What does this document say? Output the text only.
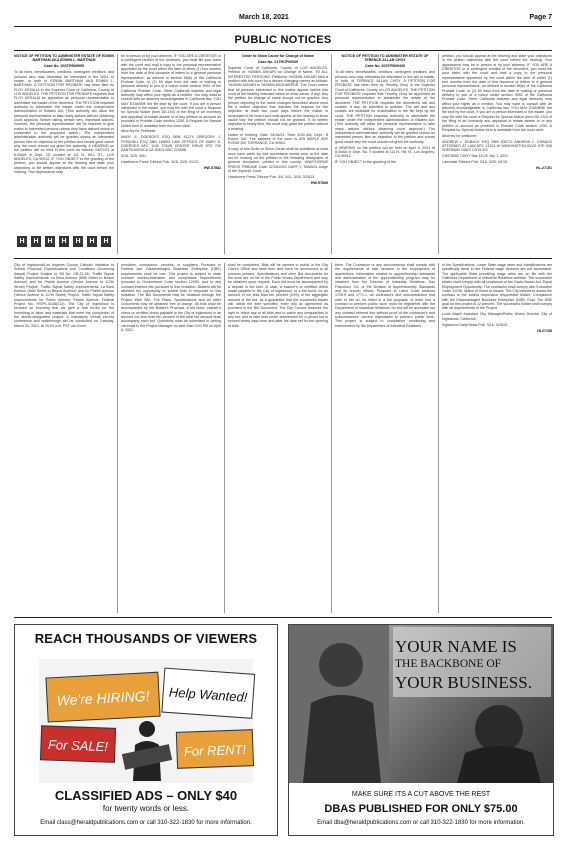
March 18, 2021	Page 7
PUBLIC NOTICES

NOTICE OF PETITION TO ADMINISTER ESTATE OF EDWIN BARTHAM AKA EDWIN L. BARTHAM

Case No. 20STPB09955

To all heirs, beneficiaries, creditors, contingent creditors, and persons who may otherwise be interested in the WILL or estate, or both of EDWIN BARTHAM AKA EDWIN L. BARTHAM. A PETITION FOR PROBATE has been filed by FLOY KESALIA in the Superior Court of California, County of LOS ANGELES. THE PETITION FOR PROBATE requests that FLOY KESALIA be appointed as personal representative to administer the estate of the decedent. The PETITION requests authority to administer the estate under the Independent Administration of Estates Act. (This authority will allow the personal representative to take many actions without obtaining court approval. Before taking certain very important actions, however, the personal representative will be required to give notice to interested persons unless they have waived notice or consented to the proposed action.) The independent administration authority will be granted unless an interested person files an objection to the petition and shows good cause why the court should not grant the authority. A HEARING on the petition will be held in this court as follows: 04/07/21 at 8:30AM in Dept. 2D located at 111 N. HILL ST., LOS ANGELES, CA 90012. IF YOU OBJECT to the granting of the petition, you should appear at the hearing and state your objections or file written objections with the court before the hearing. Your appearance may

be in person or by your attorney. IF YOU ARE A CREDITOR or a contingent creditor of the decedent, you must file your claim with the court and mail a copy to the personal representative appointed by the court within the later of either (1) four months from the date of first issuance of letters to a general personal representative, as defined in section 58(b) of the California Probate Code, or (2) 60 days from the date of mailing or personal delivery to you of a notice under section 9052 of the California Probate Code. Other California statutes and legal authority may affect your rights as a creditor. You may want to consult with an attorney knowledgeable in California law. YOU MAY EXAMINE the file kept by the court. If you are a person interested in the estate, you may file with the court a Request for Special Notice (form DE-154) of the filing of an inventory and appraisal of estate assets or of any petition or account as provided in Probate Code section 1250. A Request for Special Notice form is available from the court clerk.

Attorney for Petitioner

MARY E. DOERGES ESQ SBN 51274 GREGORY J. FRISKNEL ESQ SBN 169691 LAW OFFICES OF MARY E. DOERGES APC 1100 TOWN CENTER DRIVE STE 700 SANTA MONICA CA 90401 BSC 219086

3/18, 3/25, 4/01

Hawthorne Press Tribune Pub. 3/18, 3/25, 4/1/21

HW-57882

Order to Show Cause for Change of Name

Case No. 21TRCP00069

Superior Court of California, County of LOS ANGELES. Petition of: YASMIN ASKARI for Change of Name. TO ALL INTERESTED PERSONS: Petitioner YASMIN ASKARI filed a petition with this court for a decree changing names as follows: YASMIN ASKARI to YASMIN ASGHARPUR. The Court orders that all persons interested in this matter appear before this court at the hearing indicated below to show cause, if any, why the petition for change of name should not be granted. Any person objecting to the name changes described above must file a written objection that includes the reasons for the objection at least two court days before the matter is scheduled to be heard and must appear at the hearing to show cause why the petition should not be granted. If no written objection is timely filed, the court may grant the petition without a hearing.

Notice of Hearing: Date: 04/16/21, Time: 8:30 AM, Dept.: B Room: 340. The address of the court is 825 MAPLE AVE ROOM 100 TORRANCE, CA 90503.

A copy of this Order to Show Cause shall be published at least once each week for four successive weeks prior to the date set for hearing on the petition in the following newspaper of general circulation, printed in this county: HAWTHORNE PRESS TRIBUNE. Date: 02/26/2021 GARY Y. TANAKA Judge of the Superior Court

Hawthorne Press Tribune Pub. 3/4, 3/11, 3/18, 3/25/21

HW-57849

NOTICE OF PETITION TO ADMINISTER ESTATE OF TERENCE ALLAN CHOY

Case No. 20STPB09439

To all heirs, beneficiaries, creditors, contingent creditors, and persons who may otherwise be interested in the will or estate, or both, of TERENCE ALLAN CHOY. A PETITION FOR PROBATE has been filed by Timothy Choy in the Superior Court of California, County of LOS ANGELES. THE PETITION FOR PROBATE requests that Timothy Choy be appointed as personal representative to administer the estate of the decedent. THE PETITION requests the decedent's will and codicils, if any, be admitted to probate. The will and any codicils are available for examination in the file kept by the court. THE PETITION requests authority to administer the estate under the Independent Administration of Estates Act. (This authority will allow the personal representative to take many actions without obtaining court approval.) The independent administration authority will be granted unless an interested person files an objection to the petition and shows good cause why the court should not grant the authority.

A HEARING on the petition will be held on April 8, 2021 at 8:30AM in Dept. No. 9 located at 111 N. Hill St., Los Angeles, CA 90012.

IF YOU OBJECT to the granting of the

petition, you should appear at the hearing and state your objections or file written objections with the court before the hearing. Your appearance may be in person or by your attorney. IF YOU ARE A CREDITOR or a contingent creditor of the decedent, you must file your claim with the court and mail a copy to the personal representative appointed by the court within the later of either (1) four months from the date of first issuance of letters to a general personal representative, as defined in section 58(b) of the California Probate Code, or (2) 60 days from the date of mailing or personal delivery to you of a notice under section 9052 of the California Probate Code. Other California statutes and legal authority may affect your rights as a creditor. You may want to consult with an attorney knowledgeable in California law. YOU MAY EXAMINE the file kept by the court. If you are a person interested in the estate, you may file with the court a Request for Special Notice (form DE-154) of the filing of an inventory and appraisal of estate assets or of any petition or account as provided in Probate Code section 1250. A Request for Special Notice form is available from the court clerk.

Attorney for petitioner:

ANDREW L. EDBACK ESQ SBN 308722 ANDREW L. EDBACK ATTORNEY AT LAW APC 13101 W WASHINGTON BLVD STE 636 SHERMAN OAKS CA 91423

CN975062 CHOY Mar 18,25, Apr 1, 2021

Lawndale Tribune Pub. 3/18, 3/25, 4/1/21

HL-27151

H	H	H	H	H	H	H

City of Inglewood/Los Angeles County Catholic Invitation to Submit Proposal (Specifications and Conditions Governing Award) Project Subject to SB No. CB-21-05: 'Traffic Signal Safety Improvements: La Brea Avenue (84th Street to Beach Avenue) and for Prairie Avenue (Venice Avenue to 117th Street) Project'. Traffic Signal Safety Improvements: La Brea Avenue (84th Street to Beach Avenue) and for Prairie Avenue (Venice Avenue to 117th Street) Project. Traffic Signal Safety Improvements for Public Avenue. Prairie Avenue: Federal Project No. HSIPL-5148(012). The City of Inglewood is focused on ensuring that we give a real forum for the furnishing of labor and materials that meet the completion of the above-designated project. A mandatory Virtual pre-bid conference and walkthrough will be conducted on Tuesday, March 30, 2021, at 10:00 a.m. PST via Zoom.

providers, contractors, vendors, or suppliers. Pursuant to Federal law, Disadvantaged Business Enterprise (DBE) requirements shall be met. This project is subject to state contract nondiscrimination and compliance requirements pursuant to Government Code section 12990, and in any contract entered into pursuant to this Invitation. Bidders will be afforded full opportunity to submit bids in response to this invitation. The Bid Documents may be obtained through the Project Web Site. The Plans, Specifications and all other Documents may be obtained free of charge. All bids shall be accompanied by the Bidder's Proposal. A bid bond, cashier's check or certified check payable to the City of Inglewood in an amount not less than ten percent of the total bid amount shall accompany each bid. Questions must be submitted in writing via email to the Project Manager no later than 3:00 PM on April 6, 2021.

shall be completed. Bids will be opened in public in the City Clerk's Office and shall then and there be announced to all persons present. Specifications and other Bid documents for the work are on file in the Public Works Department and may be obtained upon request. Each bid must be accompanied by a deposit in the form of cash, a cashier's or certified check made payable to the City of Inglewood, or a bid bond, for an amount of not less than ten percent (10%) of the aggregate amount of the bid, as a guarantee that the successful bidder will, within the time specified, enter into an agreement as provided in the Bid Document. The City Council reserves the right to reject any or all bids and to waive any irregularities in any bid, and to take bids under advisement for a period not to exceed ninety days from and after the date set for the opening of bids.

them. The Contractor or any subcontractor shall comply with the requirements of said sections in the employment of apprentices. Information relative to apprenticeship standards and administration of the apprenticeship program may be obtained from the Director of Industrial Relations, San Francisco, CA, or the Division of Apprenticeship Standards and its branch offices. Pursuant to Labor Code sections 1725.5 and 1771.1, all contractors and subcontractors that wish to bid on, be listed in a bid proposal, or enter into a contract to perform public work must be registered with the Department of Industrial Relations. No bid will be accepted nor any contract entered into without proof of the contractor's and subcontractors' current registration to perform public work. This project is subject to compliance monitoring and enforcement by the Department of Industrial Relations.

in the Specifications. Lower State wage rates and classifications are specifically listed in the Federal wage decision are not acceptable. The applicable State prevailing wage rates are on file with the California Department of Industrial Relations website. The successful bidder shall comply with all provisions of the Davis-Bacon Act. Equal Employment Opportunity: The contractor shall comply with Executive Order 11246. Notice of Intent to Award: The City intends to award the contract to the lowest responsive responsible bidder. Compliance with the Disadvantaged Business Enterprise (DBE) Goal: The DBE goal for this project is 12 percent. The successful bidder shall comply with all requirements of the Project.

Louis Atwell Assistant City Manager/Public Works Director City of Inglewood, California

Inglewood Daily News Pub. 3/18, 3/25/21

HI-27155

REACH THOUSANDS OF VIEWERS
We're HIRING!
For SALE!
Help Wanted!
For RENT!
CLASSIFIED ADS – ONLY $40
for twenty words or less.
Email class@heraldpublications.com or call 310-322-1830 for more information.
YOUR NAME IS
THE BACKBONE OF
YOUR BUSINESS.
MAKE SURE ITS A CUT ABOVE THE REST
DBAS PUBLISHED FOR ONLY $75.00
Email dba@heraldpublications.com or call 310-322-1830 for more information.
